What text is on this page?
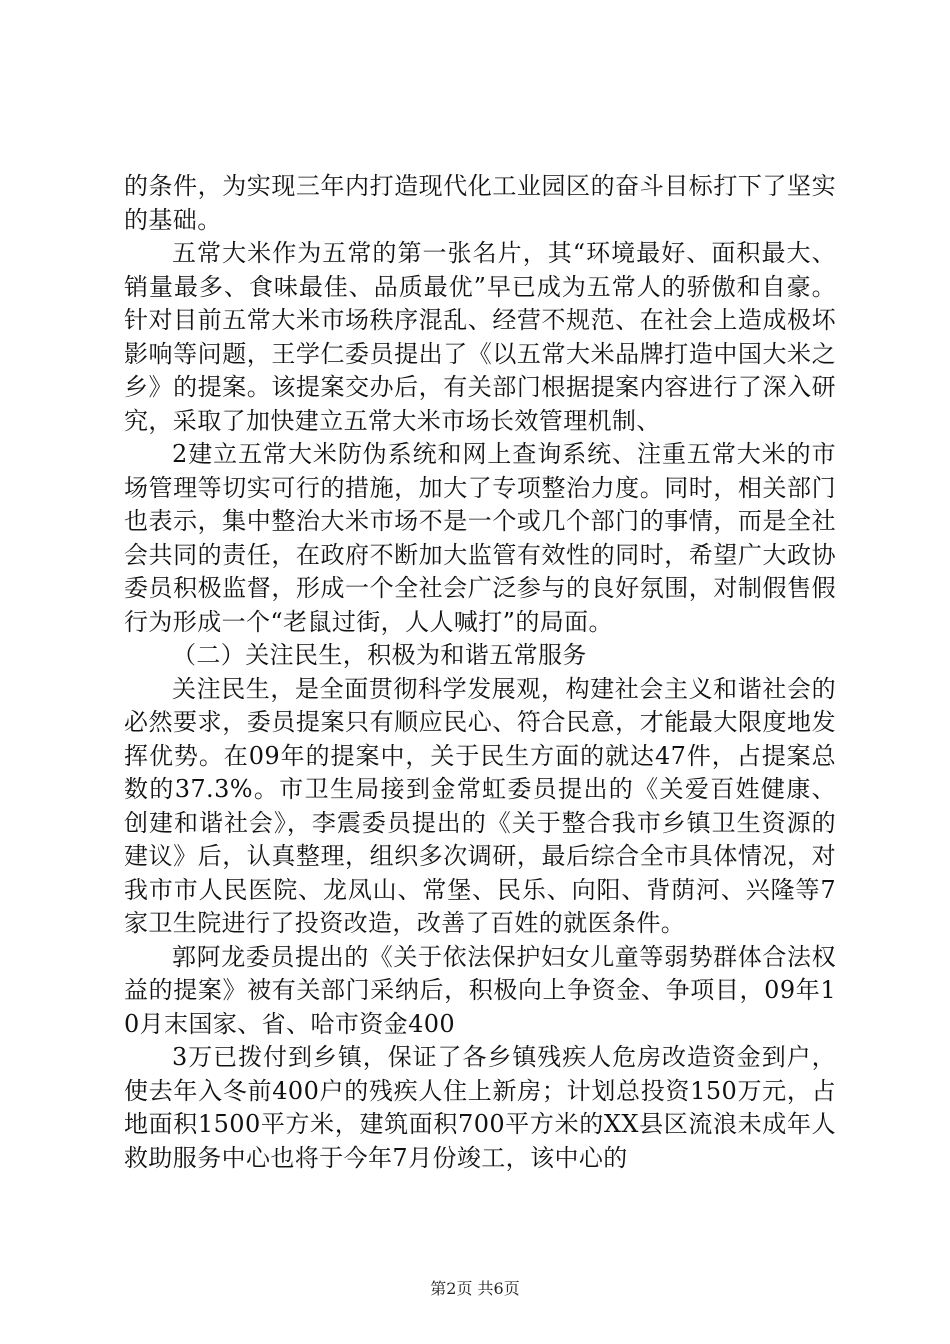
的条件，为实现三年内打造现代化工业园区的奋斗目标打下了坚实的基础。

五常大米作为五常的第一张名片，其“环境最好、面积最大、销量最多、食味最佳、品质最优”早已成为五常人的骄傲和自豪。针对目前五常大米市场秩序混乱、经营不规范、在社会上造成极坏影响等问题，王学仁委员提出了《以五常大米品牌打造中国大米之乡》的提案。该提案交办后，有关部门根据提案内容进行了深入研究，采取了加快建立五常大米市场长效管理机制、

2建立五常大米防伪系统和网上查询系统、注重五常大米的市场管理等切实可行的措施，加大了专项整治力度。同时，相关部门也表示，集中整治大米市场不是一个或几个部门的事情，而是全社会共同的责任，在政府不断加大监管有效性的同时，希望广大政协委员积极监督，形成一个全社会广泛参与的良好氛围，对制假售假行为形成一个“老鼠过街，人人喊打”的局面。

（二）关注民生，积极为和谐五常服务

关注民生，是全面贯彻科学发展观，构建社会主义和谐社会的必然要求，委员提案只有顺应民心、符合民意，才能最大限度地发挥优势。在09年的提案中，关于民生方面的就达47件，占提案总数的37.3%。市卫生局接到金常虹委员提出的《关爱百姓健康、创建和谐社会》，李震委员提出的《关于整合我市乡镇卫生资源的建议》后，认真整理，组织多次调研，最后综合全市具体情况，对我市市人民医院、龙凤山、常堡、民乐、向阳、背荫河、兴隆等7家卫生院进行了投资改造，改善了百姓的就医条件。

郭阿龙委员提出的《关于依法保护妇女儿童等弱势群体合法权益的提案》被有关部门采纳后，积极向上争资金、争项目，09年10月末国家、省、哈市资金400

3万已拨付到乡镇，保证了各乡镇残疾人危房改造资金到户，使去年入冬前400户的残疾人住上新房；计划总投资150万元，占地面积1500平方米，建筑面积700平方米的XX县区流浪未成年人救助服务中心也将于今年7月份竣工，该中心的

第2页 共6页
